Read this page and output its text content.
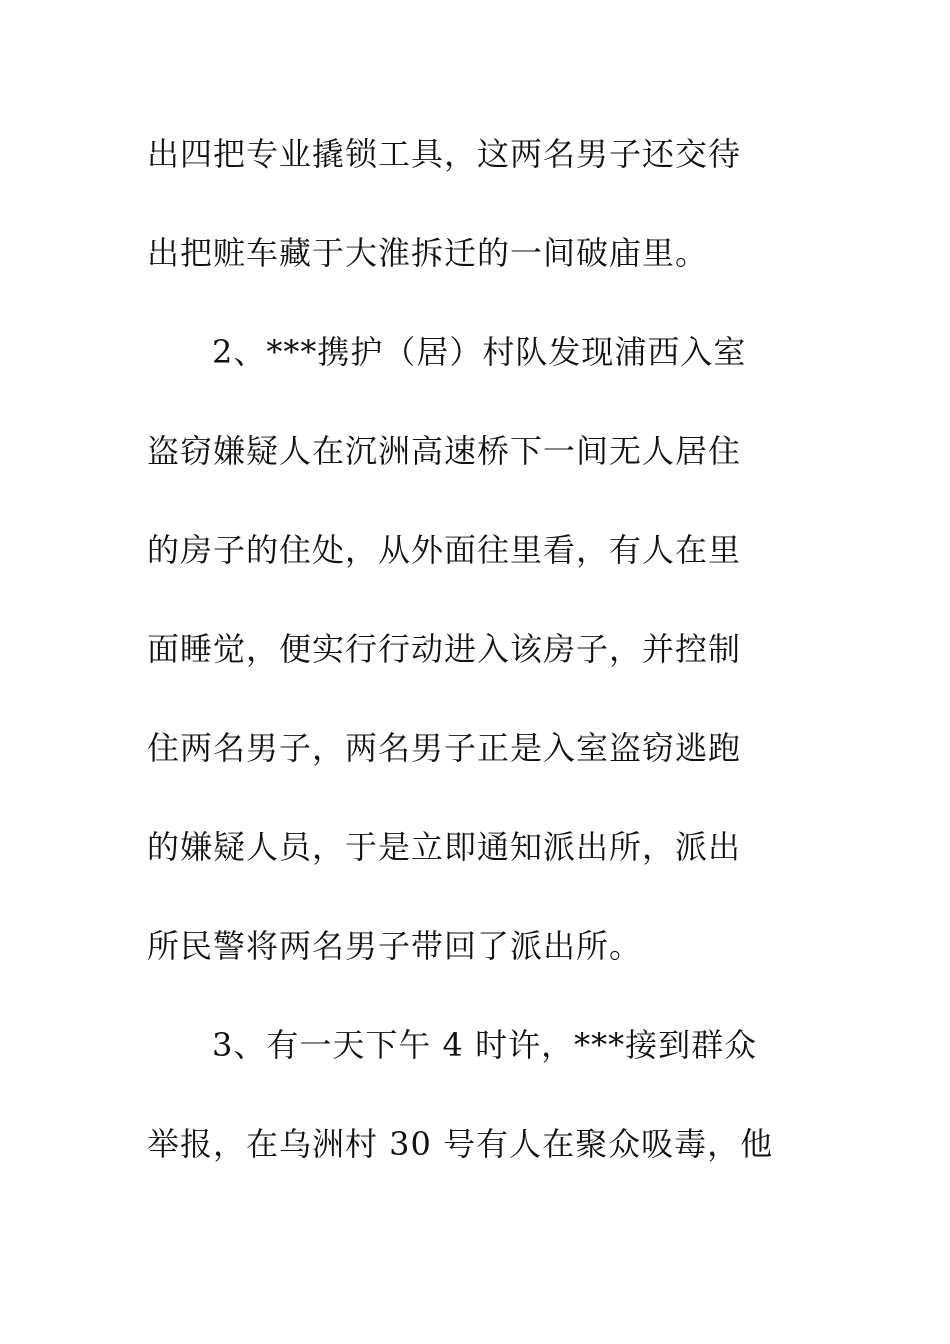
出四把专业撬锁工具，这两名男子还交待
出把赃车藏于大淮拆迁的一间破庙里。
2、***携护（居）村队发现浦西入室
盗窃嫌疑人在沉洲高速桥下一间无人居住
的房子的住处，从外面往里看，有人在里
面睡觉，便实行行动进入该房子，并控制
住两名男子，两名男子正是入室盗窃逃跑
的嫌疑人员，于是立即通知派出所，派出
所民警将两名男子带回了派出所。
3、有一天下午 4 时许，***接到群众
举报，在乌洲村 30 号有人在聚众吸毒，他
